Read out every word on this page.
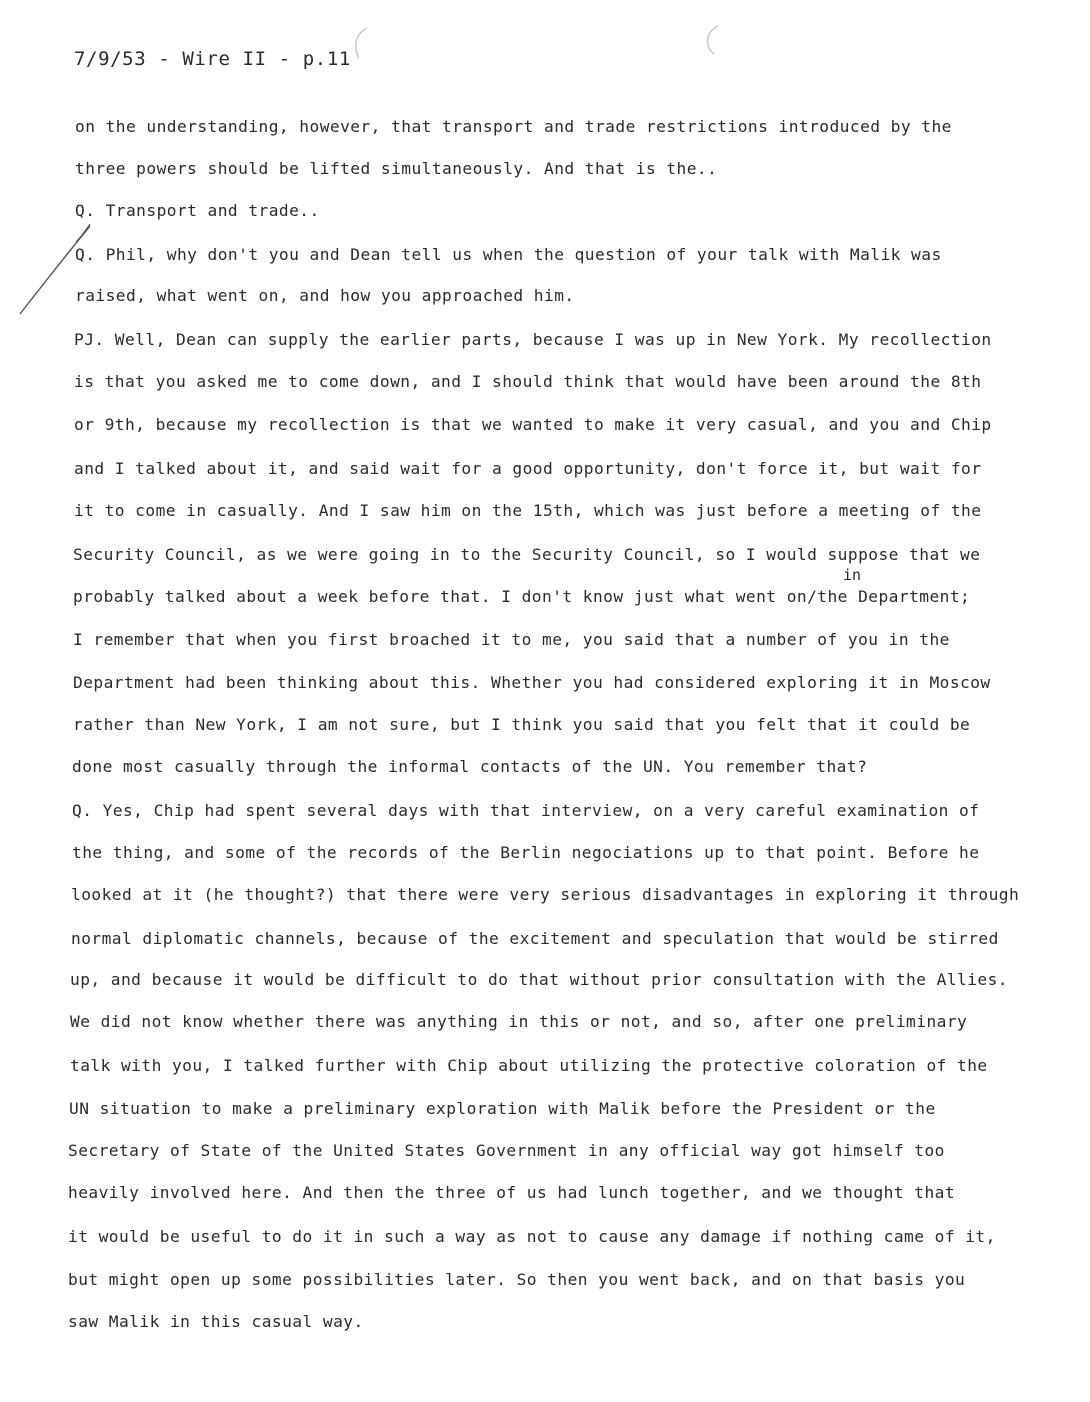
7/9/53 - Wire II - p.11
on the understanding, however, that transport and trade restrictions introduced by the
three powers should be lifted simultaneously. And that is the..
Q. Transport and trade..
Q. Phil, why don't you and Dean tell us when the question of your talk with Malik was
raised, what went on, and how you approached him.
PJ. Well, Dean can supply the earlier parts, because I was up in New York. My recollection
is that you asked me to come down, and I should think that would have been around the 8th
or 9th, because my recollection is that we wanted to make it very casual, and you and Chip
and I talked about it, and said wait for a good opportunity, don't force it, but wait for
it to come in casually. And I saw him on the 15th, which was just before a meeting of the
Security Council, as we were going in to the Security Council, so I would suppose that we
in
probably talked about a week before that. I don't know just what went on/the Department;
I remember that when you first broached it to me, you said that a number of you in the
Department had been thinking about this. Whether you had considered exploring it in Moscow
rather than New York, I am not sure, but I think you said that you felt that it could be
done most casually through the informal contacts of the UN. You remember that?
Q. Yes, Chip had spent several days with that interview, on a very careful examination of
the thing, and some of the records of the Berlin negociations up to that point. Before he
looked at it (he thought?) that there were very serious disadvantages in exploring it through
normal diplomatic channels, because of the excitement and speculation that would be stirred
up, and because it would be difficult to do that without prior consultation with the Allies.
We did not know whether there was anything in this or not, and so, after one preliminary
talk with you, I talked further with Chip about utilizing the protective coloration of the
UN situation to make a preliminary exploration with Malik before the President or the
Secretary of State of the United States Government in any official way got himself too
heavily involved here. And then the three of us had lunch together, and we thought that
it would be useful to do it in such a way as not to cause any damage if nothing came of it,
but might open up some possibilities later. So then you went back, and on that basis you
saw Malik in this casual way.
